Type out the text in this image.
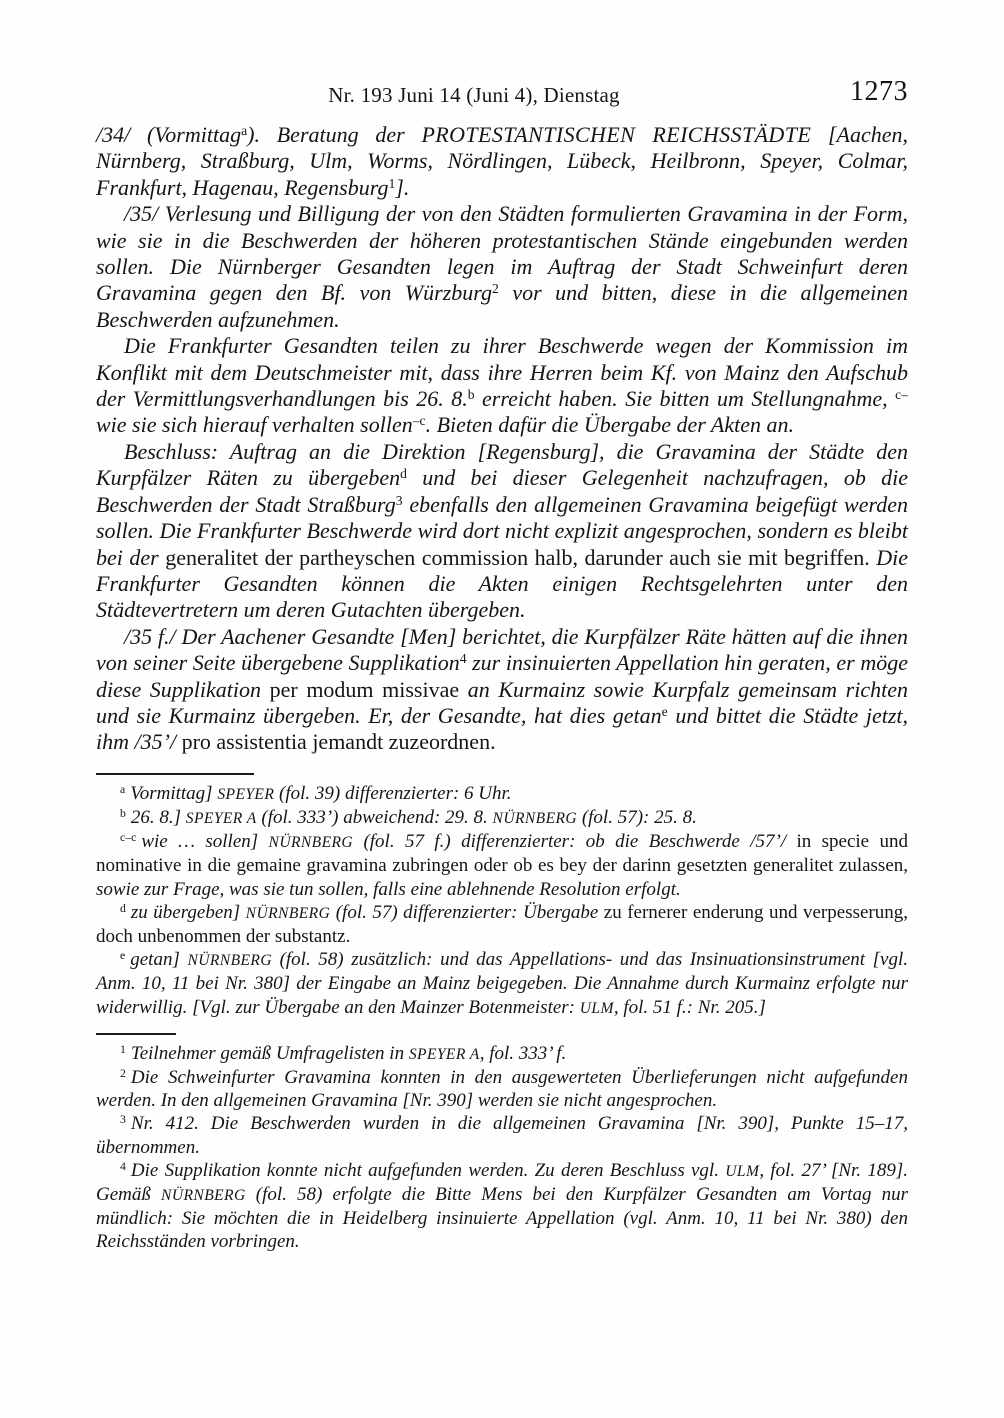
Nr. 193 Juni 14 (Juni 4), Dienstag	1273

/34/ (Vormittag$^a$). Beratung der PROTESTANTISCHEN REICHSSTÄDTE [Aachen, Nürnberg, Straßburg, Ulm, Worms, Nördlingen, Lübeck, Heilbronn, Speyer, Colmar, Frankfurt, Hagenau, Regensburg$^1$].

/35/ Verlesung und Billigung der von den Städten formulierten Gravamina in der Form, wie sie in die Beschwerden der höheren protestantischen Stände eingebunden werden sollen. Die Nürnberger Gesandten legen im Auftrag der Stadt Schweinfurt deren Gravamina gegen den Bf. von Würzburg$^2$ vor und bitten, diese in die allgemeinen Beschwerden aufzunehmen.

Die Frankfurter Gesandten teilen zu ihrer Beschwerde wegen der Kommission im Konflikt mit dem Deutschmeister mit, dass ihre Herren beim Kf. von Mainz den Aufschub der Vermittlungsverhandlungen bis 26. 8.$^b$ erreicht haben. Sie bitten um Stellungnahme, $^{c-}$wie sie sich hierauf verhalten sollen$^{-c}$. Bieten dafür die Übergabe der Akten an.

Beschluss: Auftrag an die Direktion [Regensburg], die Gravamina der Städte den Kurpfälzer Räten zu übergeben$^d$ und bei dieser Gelegenheit nachzufragen, ob die Beschwerden der Stadt Straßburg$^3$ ebenfalls den allgemeinen Gravamina beigefügt werden sollen. Die Frankfurter Beschwerde wird dort nicht explizit angesprochen, sondern es bleibt bei der generalitet der partheyschen commission halb, darunder auch sie mit begriffen. Die Frankfurter Gesandten können die Akten einigen Rechtsgelehrten unter den Städtevertretern um deren Gutachten übergeben.

/35 f./ Der Aachener Gesandte [Men] berichtet, die Kurpfälzer Räte hätten auf die ihnen von seiner Seite übergebene Supplikation$^4$ zur insinuierten Appellation hin geraten, er möge diese Supplikation per modum missivae an Kurmainz sowie Kurpfalz gemeinsam richten und sie Kurmainz übergeben. Er, der Gesandte, hat dies getan$^e$ und bittet die Städte jetzt, ihm /35’/ pro assistentia jemandt zuzeordnen.

$^a$ Vormittag] SPEYER (fol. 39) differenzierter: 6 Uhr.

$^b$ 26. 8.] SPEYER A (fol. 333’) abweichend: 29. 8. NÜRNBERG (fol. 57): 25. 8.

$^{c-c}$ wie … sollen] NÜRNBERG (fol. 57 f.) differenzierter: ob die Beschwerde /57’/ in specie und nominative in die gemaine gravamina zubringen oder ob es bey der darinn gesetzten generalitet zulassen, sowie zur Frage, was sie tun sollen, falls eine ablehnende Resolution erfolgt.

$^d$ zu übergeben] NÜRNBERG (fol. 57) differenzierter: Übergabe zu fernerer enderung und verpesserung, doch unbenommen der substantz.

$^e$ getan] NÜRNBERG (fol. 58) zusätzlich: und das Appellations- und das Insinuationsinstrument [vgl. Anm. 10, 11 bei Nr. 380] der Eingabe an Mainz beigegeben. Die Annahme durch Kurmainz erfolgte nur widerwillig. [Vgl. zur Übergabe an den Mainzer Botenmeister: ULM, fol. 51 f.: Nr. 205.]

$^1$ Teilnehmer gemäß Umfragelisten in SPEYER A, fol. 333’ f.

$^2$ Die Schweinfurter Gravamina konnten in den ausgewerteten Überlieferungen nicht aufgefunden werden. In den allgemeinen Gravamina [Nr. 390] werden sie nicht angesprochen.

$^3$ Nr. 412. Die Beschwerden wurden in die allgemeinen Gravamina [Nr. 390], Punkte 15–17, übernommen.

$^4$ Die Supplikation konnte nicht aufgefunden werden. Zu deren Beschluss vgl. ULM, fol. 27’ [Nr. 189]. Gemäß NÜRNBERG (fol. 58) erfolgte die Bitte Mens bei den Kurpfälzer Gesandten am Vortag nur mündlich: Sie möchten die in Heidelberg insinuierte Appellation (vgl. Anm. 10, 11 bei Nr. 380) den Reichsständen vorbringen.
